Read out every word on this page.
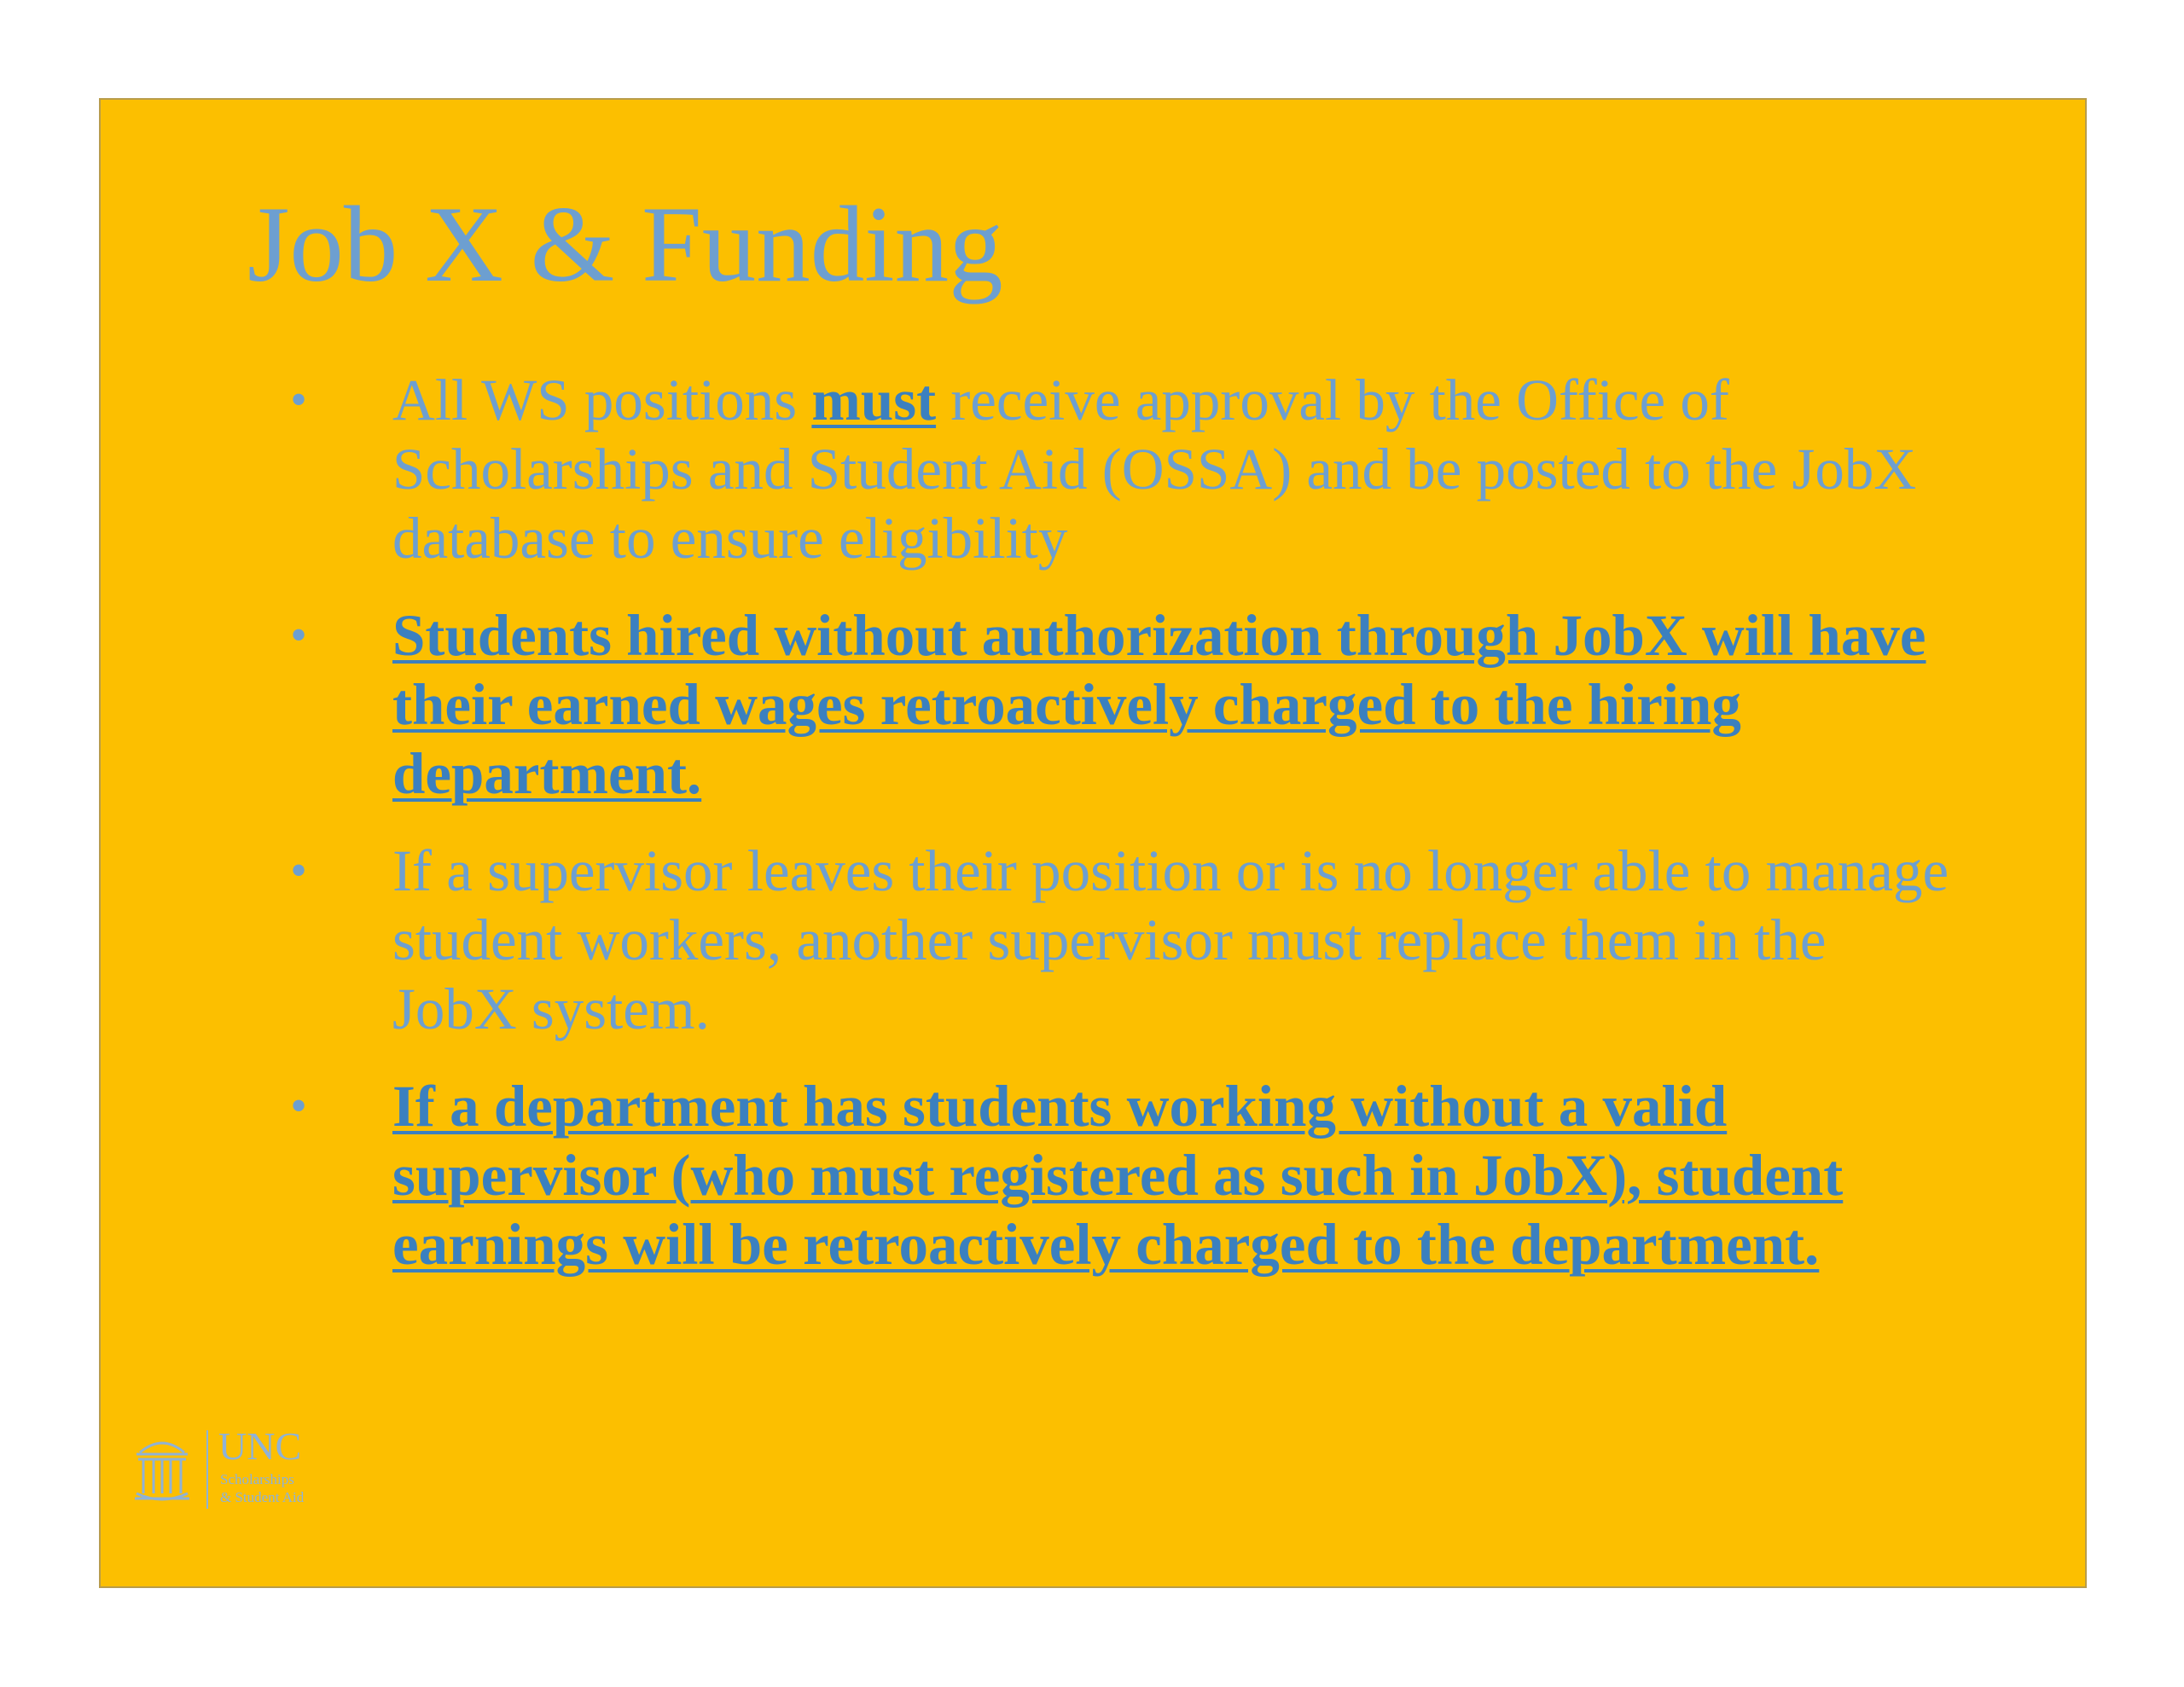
Job X & Funding
• All WS positions must receive approval by the Office of Scholarships and Student Aid (OSSA) and be posted to the JobX database to ensure eligibility
• Students hired without authorization through JobX will have their earned wages retroactively charged to the hiring department.
• If a supervisor leaves their position or is no longer able to manage student workers, another supervisor must replace them in the JobX system.
• If a department has students working without a valid supervisor (who must registered as such in JobX), student earnings will be retroactively charged to the department.
UNC
Scholarships
& Student Aid
